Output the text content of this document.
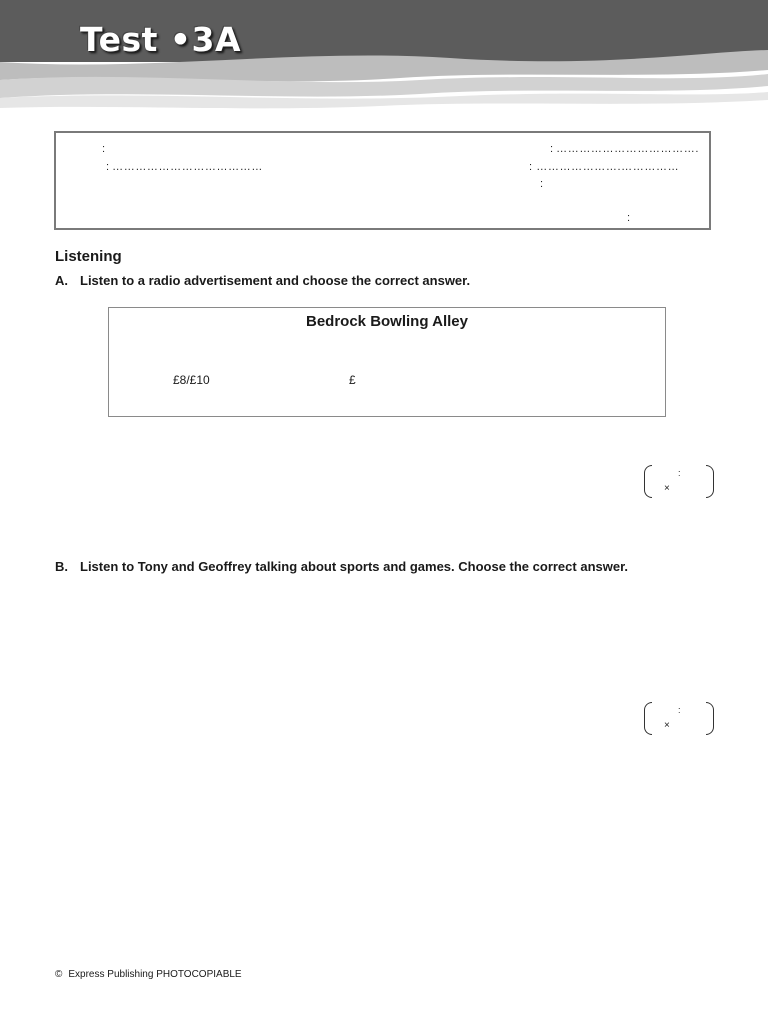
Test •3A
:
: …………………………………
: ……………………………….
: ………………….……………
:
:
Listening
A. Listen to a radio advertisement and choose the correct answer.
Bedrock Bowling Alley
£8/£10	£
:
×
B. Listen to Tony and Geoffrey talking about sports and games. Choose the correct answer.
:
×
© Express Publishing PHOTOCOPIABLE
